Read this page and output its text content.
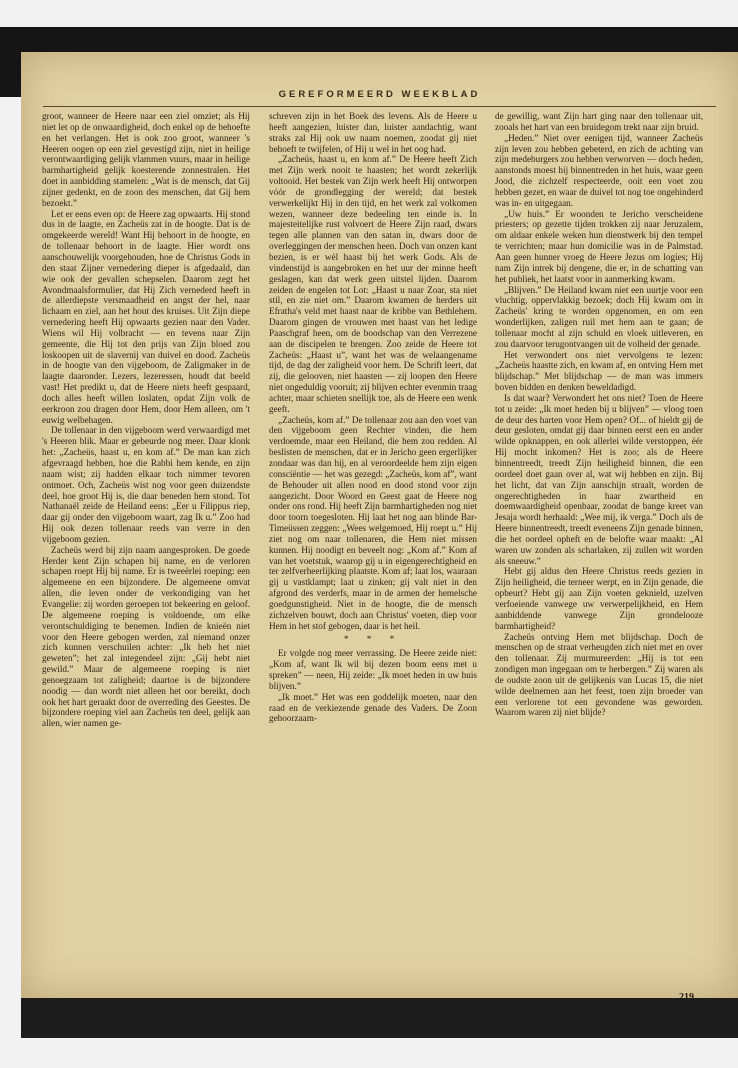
GEREFORMEERD WEEKBLAD

groot, wanneer de Heere naar een ziel omziet; als Hij niet let op de onwaardigheid, doch enkel op de behoefte en het verlangen. Het is ook zoo groot, wanneer 's Heeren oogen op een ziel gevestigd zijn, niet in heilige verontwaardiging gelijk vlammen vuurs, maar in heilige barmhartigheid gelijk koesterende zonnestralen. Het doet in aanbidding stamelen: „Wat is de mensch, dat Gij zijner gedenkt, en de zoon des menschen, dat Gij hem bezoekt.”

Let er eens even op: de Heere zag opwaarts. Hij stond dus in de laagte, en Zacheüs zat in de hoogte. Dat is de omgekeerde wereld! Want Hij behoort in de hoogte, en de tollenaar behoort in de laagte. Hier wordt ons aanschouwelijk voorgehouden, hoe de Christus Gods in den staat Zijner vernedering dieper is afgedaald, dan wie ook der gevallen schepselen. Daarom zegt het Avondmaalsformulier, dat Hij Zich vernederd heeft in de allerdiepste versmaadheid en angst der hel, naar lichaam en ziel, aan het hout des kruises. Uit Zijn diepe vernedering heeft Hij opwaarts gezien naar den Vader. Wiens wil Hij volbracht — en tevens naar Zijn gemeente, die Hij tot den prijs van Zijn bloed zou loskoopen uit de slavernij van duivel en dood. Zacheüs in de hoogte van den vijgeboom, de Zaligmaker in de laagte daaronder. Lezers, lezeressen, houdt dat beeld vast! Het predikt u, dat de Heere niets heeft gespaard, doch alles heeft willen loslaten, opdat Zijn volk de eerkroon zou dragen door Hem, door Hem alleen, om 't euwig welbehagen.

De tollenaar in den vijgeboom werd verwaardigd met 's Heeren blik. Maar er gebeurde nog meer. Daar klonk het: „Zacheüs, haast u, en kom af.” De man kan zich afgevraagd hebben, hoe die Rabbi hem kende, en zijn naam wist; zij hadden elkaar toch nimmer tevoren ontmoet. Och, Zacheüs wist nog voor geen duizendste deel, hoe groot Hij is, die daar beneden hem stond. Tot Nathanaël zeide de Heiland eens: „Eer u Filippus riep, daar gij onder den vijgeboom waart, zag Ik u.” Zoo had Hij ook dezen tollenaar reeds van verre in den vijgeboom gezien.

Zacheüs werd bij zijn naam aangesproken. De goede Herder kent Zijn schapen bij name, en de verloren schapen roept Hij bij name. Er is tweeërlei roeping: een algemeene en een bijzondere. De algemeene omvat allen, die leven onder de verkondiging van het Evangelie: zij worden geroepen tot bekeering en geloof. De algemeene roeping is voldoende, om elke verontschuldiging te benemen. Indien de knieën niet voor den Heere gebogen werden, zal niemand onzer zich kunnen verschuilen achter: „Ik heb het niet geweten”; het zal integendeel zijn: „Gij hebt niet gewild.” Maar de algemeene roeping is niet genoegzaam tot zaligheid; daartoe is de bijzondere noodig — dan wordt niet alleen het oor bereikt, doch ook het hart geraakt door de overreding des Geestes. De bijzondere roeping viel aan Zacheüs ten deel, gelijk aan allen, wier namen ge-

schreven zijn in het Boek des levens. Als de Heere u heeft aangezien, luister dan, luister aandachtig, want straks zal Hij ook uw naam noemen, zoodat gij niet behoeft te twijfelen, of Hij u wel in het oog had.

„Zacheüs, haast u, en kom af.” De Heere heeft Zich met Zijn werk nooit te haasten; het wordt zekerlijk voltooid. Het bestek van Zijn werk heeft Hij ontworpen vóór de grondlegging der wereld; dat bestek verwerkelijkt Hij in den tijd, en het werk zal volkomen wezen, wanneer deze bedeeling ten einde is. In majesteitelijke rust volvoert de Heere Zijn raad, dwars tegen alle plannen van den satan in, dwars door de overleggingen der menschen heen. Doch van onzen kant bezien, is er wèl haast bij het werk Gods. Als de vindenstijd is aangebroken en het uur der minne heeft geslagen, kan dat werk geen uitstel lijden. Daarom zeiden de engelen tot Lot: „Haast u naar Zoar, sta niet stil, en zie niet om.” Daarom kwamen de herders uit Efratha's veld met haast naar de kribbe van Bethlehem. Daarom gingen de vrouwen met haast van het ledige Paaschgraf heen, om de boodschap van den Verrezene aan de discipelen te brengen. Zoo zeide de Heere tot Zacheüs: „Haast u”, want het was de welaangename tijd, de dag der zaligheid voor hem. De Schrift leert, dat zij, die gelooven, niet haasten — zij loopen den Heere niet ongeduldig vooruit; zij blijven echter evenmin traag achter, maar schieten snellijk toe, als de Heere een wenk geeft.

„Zacheüs, kom af.” De tollenaar zou aan den voet van den vijgeboom geen Rechter vinden, die hem verdoemde, maar een Heiland, die hem zou redden. Al beslisten de menschen, dat er in Jericho geen ergerlijker zondaar was dan hij, en al veroordeelde hem zijn eigen consciëntie — het was gezegd: „Zacheüs, kom af”, want de Behouder uit allen nood en dood stond voor zijn aangezicht. Door Woord en Geest gaat de Heere nog onder ons rond. Hij heeft Zijn barmhartigheden nog niet door toorn toegesloten. Hij laat het nog aan blinde Bar-Timeüssen zeggen: „Wees welgemoed, Hij roept u.” Hij ziet nog om naar tollenaren, die Hem niet missen kunnen. Hij noodigt en beveelt nog: „Kom af.” Kom af van het voetstuk, waarop gij u in eigengerechtigheid en ter zelfverheerlijking plaatste. Kom af; laat los, waaraan gij u vastklampt; laat u zinken; gij valt niet in den afgrond des verderfs, maar in de armen der hemelsche goedgunstigheid. Niet in de hoogte, die de mensch zichzelven bouwt, doch aan Christus' voeten, diep voor Hem in het stof gebogen, daar is het heil.

* * *

Er volgde nog meer verrassing. De Heere zeide niet: „Kom af, want Ik wil bij dezen boom eens met u spreken” — neen, Hij zeide: „Ik moet heden in uw huis blijven.”

„Ik moet.” Het was een goddelijk moeten, naar den raad en de verkiezende genade des Vaders. De Zoon gehoorzaam-

de gewillig, want Zijn hart ging naar den tollenaar uit, zooals het hart van een bruidegom trekt naar zijn bruid.

„Heden.” Niet over eenigen tijd, wanneer Zacheüs zijn leven zou hebben gebeterd, en zich de achting van zijn medeburgers zou hebben verworven — doch heden, aanstonds moest hij binnentreden in het huis, waar geen Jood, die zichzelf respecteerde, ooit een voet zou hebben gezet, en waar de duivel tot nog toe ongehinderd was in- en uitgegaan.

„Uw huis.” Er woonden te Jericho verscheidene priesters; op gezette tijden trokken zij naar Jeruzalem, om aldaar enkele weken hun dienstwerk bij den tempel te verrichten; maar hun domicilie was in de Palmstad. Aan geen hunner vroeg de Heere Jezus om logies; Hij nam Zijn intrek bij dengene, die er, in de schatting van het publiek, het laatst voor in aanmerking kwam.

„Blijven.” De Heiland kwam niet een uurtje voor een vluchtig, oppervlakkig bezoek; doch Hij kwam om in Zacheüs' kring te worden opgenomen, en om een wonderlijken, zaligen ruil met hem aan te gaan; de tollenaar mocht al zijn schuld en vloek uitleveren, en zou daarvoor terugontvangen uit de volheid der genade.

Het verwondert ons niet vervolgens te lezen: „Zacheüs haastte zich, en kwam af, en ontving Hem met blijdschap.” Met blijdschap — de man was immers boven bidden en denken beweldadigd.

Is dat waar? Verwondert het ons niet? Toen de Heere tot u zeide: „Ik moet heden bij u blijven” — vloog toen de deur des harten voor Hem open? Of... of hieldt gij de deur gesloten, omdat gij daar binnen eerst een en ander wilde opknappen, en ook allerlei wilde verstoppen, éér Hij mocht inkomen? Het is zoo; als de Heere binnentreedt, treedt Zijn heiligheid binnen, die een oordeel doet gaan over al, wat wij hebben en zijn. Bij het licht, dat van Zijn aanschijn straalt, worden de ongerechtigheden in haar zwartheid en doemwaardigheid openbaar, zoodat de bange kreet van Jesaja wordt herhaald: „Wee mij, ik verga.” Doch als de Heere binnentreedt, treedt eveneens Zijn genade binnen, die het oordeel opheft en de belofte waar maakt: „Al waren uw zonden als scharlaken, zij zullen wit worden als sneeuw.”

Hebt gij aldus den Heere Christus reeds gezien in Zijn heiligheid, die terneer werpt, en in Zijn genade, die opbeurt? Hebt gij aan Zijn voeten gekniеld, uzelven verfoeiende vanwege uw verwerpelijkheid, en Hem aanbiddende vanwege Zijn grondelooze barmhartigheid?

Zacheüs ontving Hem met blijdschap. Doch de menschen op de straat verheugden zich niet met en over den tollenaar. Zij murmureerden: „Hij is tot een zondigen man ingegaan om te herbergen.” Zij waren als de oudste zoon uit de gelijkenis van Lucas 15, die niet wilde deelnemen aan het feest, toen zijn broeder van een verlorene tot een gevondene was geworden. Waarom waren zij niet blijde?
